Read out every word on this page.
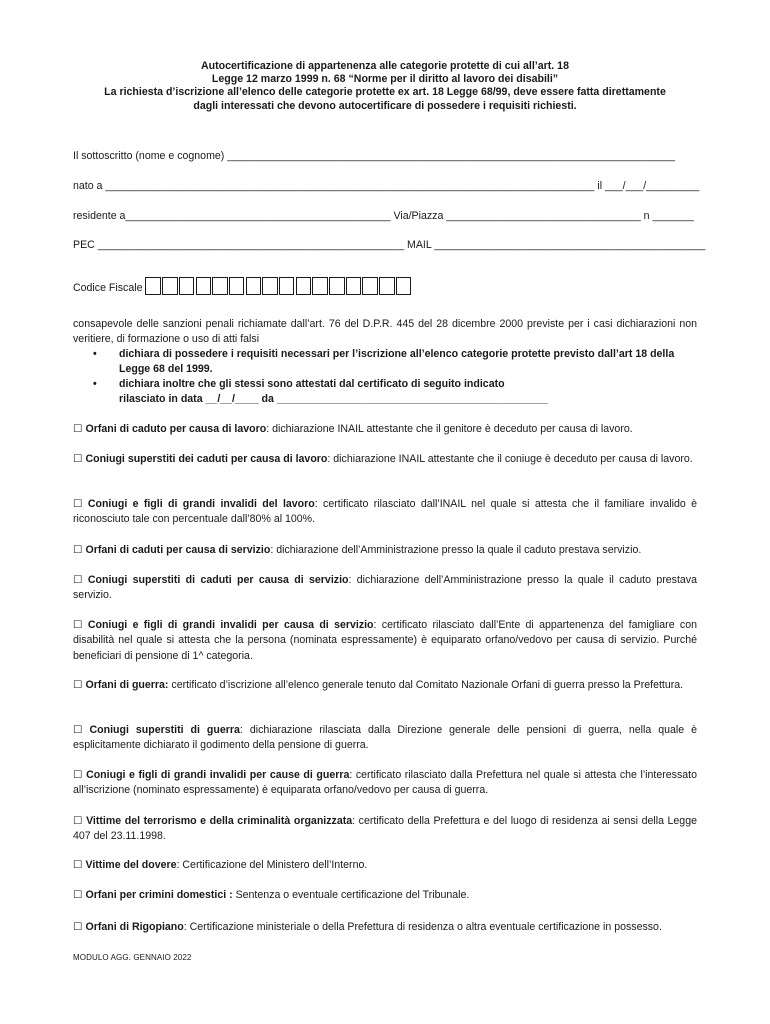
Autocertificazione di appartenenza alle categorie protette di cui all’art. 18
Legge 12 marzo 1999 n. 68 “Norme per il diritto al lavoro dei disabili”
La richiesta d’iscrizione all’elenco delle categorie protette ex art. 18 Legge 68/99, deve essere fatta direttamente
dagli interessati che devono autocertificare di possedere i requisiti richiesti.
Il sottoscritto (nome e cognome) ____________________________________________________________________________
nato a ___________________________________________________________________________________ il ___/___/_________
residente a_____________________________________________ Via/Piazza _________________________________ n _______
PEC ____________________________________________________ MAIL ______________________________________________
Codice Fiscale
consapevole delle sanzioni penali richiamate dall’art. 76 del D.P.R. 445 del 28 dicembre 2000 previste per i casi dichiarazioni non veritiere, di formazione o uso di atti falsi
•	dichiara di possedere i requisiti necessari per l’iscrizione all’elenco categorie protette previsto dall’art 18 della Legge 68 del 1999.
•	dichiara inoltre che gli stessi sono attestati dal certificato di seguito indicato
rilasciato in data __/__/____ da ______________________________________________
☐ Orfani di caduto per causa di lavoro: dichiarazione INAIL attestante che il genitore è deceduto per causa di lavoro.
☐ Coniugi superstiti dei caduti per causa di lavoro: dichiarazione INAIL attestante che il coniuge è deceduto per causa di lavoro.
☐ Coniugi e figli di grandi invalidi del lavoro: certificato rilasciato dall’INAIL nel quale si attesta che il familiare invalido è riconosciuto tale con percentuale dall’80% al 100%.
☐ Orfani di caduti per causa di servizio: dichiarazione dell’Amministrazione presso la quale il caduto prestava servizio.
☐ Coniugi superstiti di caduti per causa di servizio: dichiarazione dell’Amministrazione presso la quale il caduto prestava servizio.
☐ Coniugi e figli di grandi invalidi per causa di servizio: certificato rilasciato dall’Ente di appartenenza del famigliare con disabilità nel quale si attesta che la persona (nominata espressamente) è equiparato orfano/vedovo per causa di servizio. Purché beneficiari di pensione di 1^ categoria.
☐ Orfani di guerra: certificato d’iscrizione all’elenco generale tenuto dal Comitato Nazionale Orfani di guerra presso la Prefettura.
☐ Coniugi superstiti di guerra: dichiarazione rilasciata dalla Direzione generale delle pensioni di guerra, nella quale è esplicitamente dichiarato il godimento della pensione di guerra.
☐ Coniugi e figli di grandi invalidi per cause di guerra: certificato rilasciato dalla Prefettura nel quale si attesta che l’interessato all’iscrizione (nominato espressamente) è equiparata orfano/vedovo per causa di guerra.
☐ Vittime del terrorismo e della criminalità organizzata: certificato della Prefettura e del luogo di residenza ai sensi della Legge 407 del 23.11.1998.
☐ Vittime del dovere: Certificazione del Ministero dell’Interno.
☐ Orfani per crimini domestici : Sentenza o eventuale certificazione del Tribunale.
☐ Orfani di Rigopiano: Certificazione ministeriale o della Prefettura di residenza o altra eventuale certificazione in possesso.
MODULO AGG. GENNAIO 2022
